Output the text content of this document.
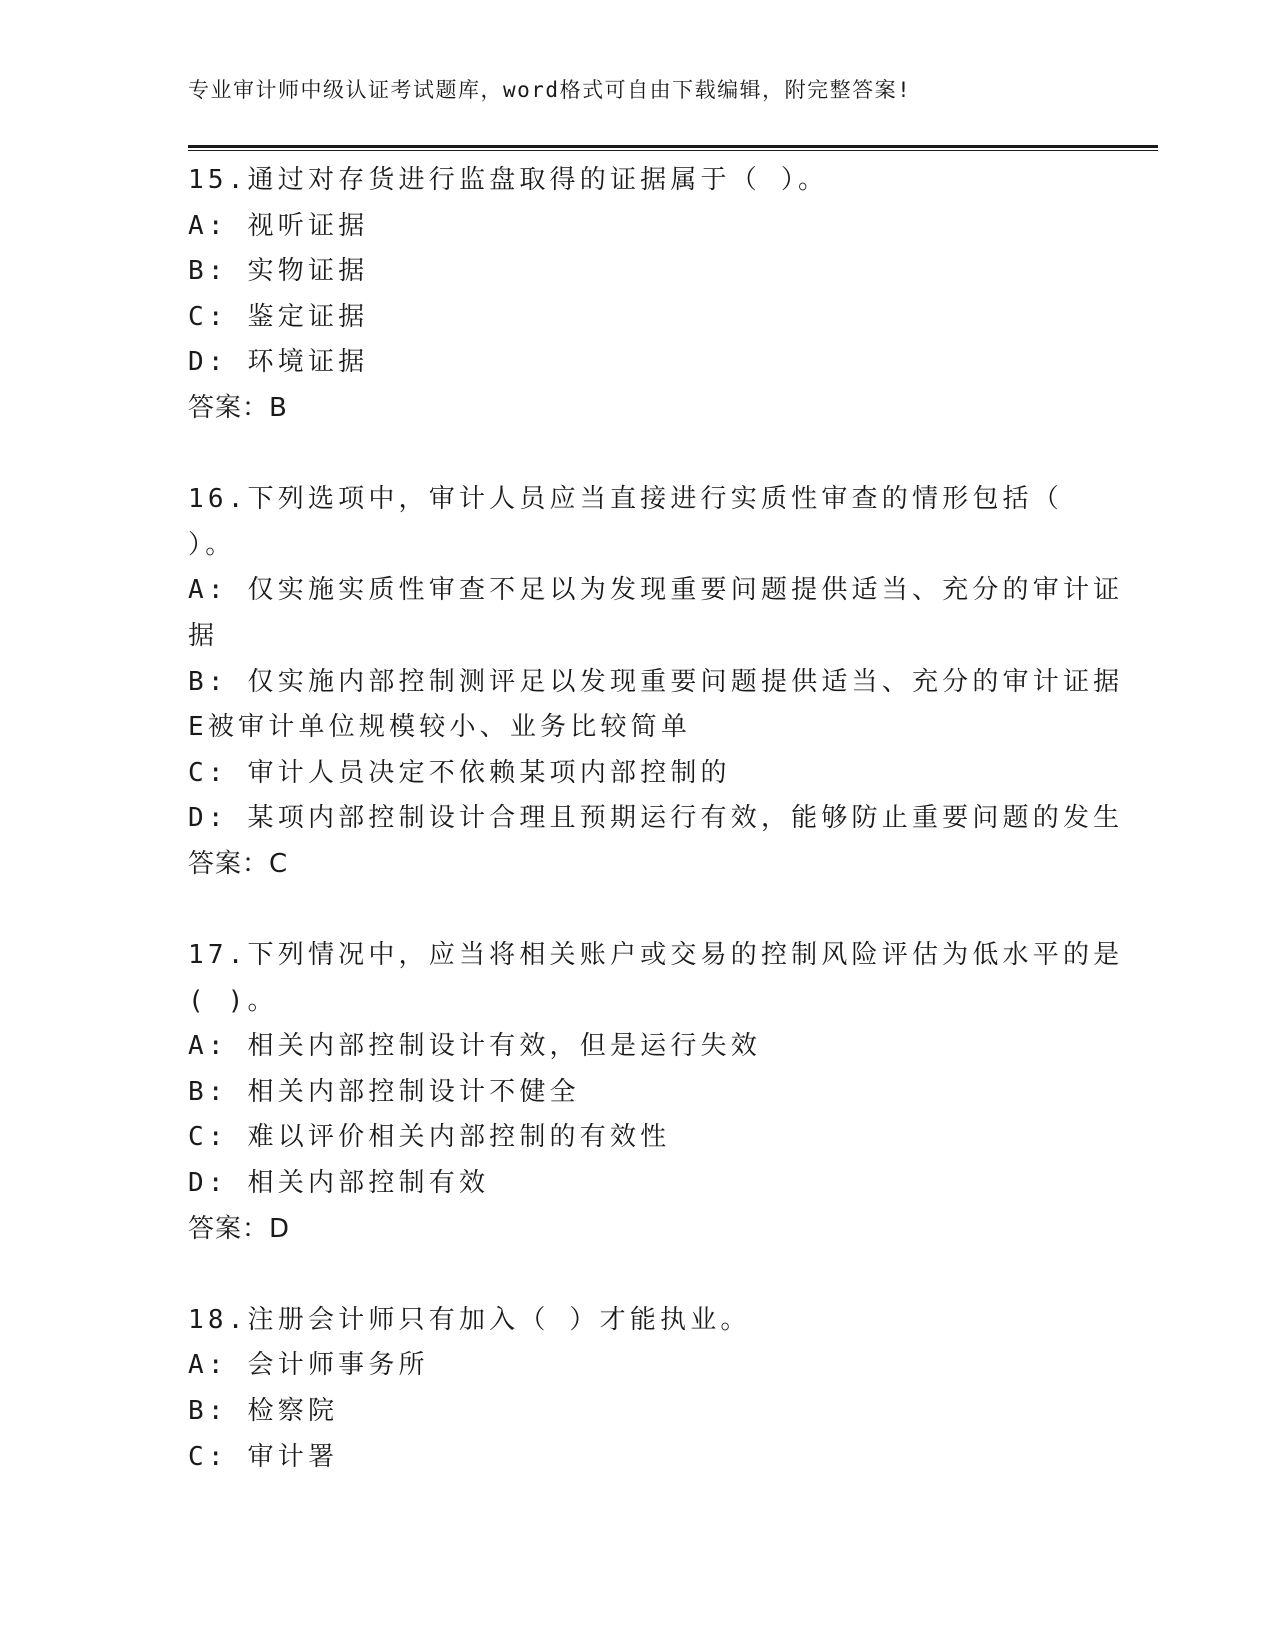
专业审计师中级认证考试题库，word格式可自由下载编辑，附完整答案!
15.通过对存货进行监盘取得的证据属于（ ）。
A: 视听证据
B: 实物证据
C: 鉴定证据
D: 环境证据
答案：B
16.下列选项中，审计人员应当直接进行实质性审查的情形包括（
）。
A: 仅实施实质性审查不足以为发现重要问题提供适当、充分的审计证
据
B: 仅实施内部控制测评足以发现重要问题提供适当、充分的审计证据
E被审计单位规模较小、业务比较简单
C: 审计人员决定不依赖某项内部控制的
D: 某项内部控制设计合理且预期运行有效，能够防止重要问题的发生
答案：C
17.下列情况中，应当将相关账户或交易的控制风险评估为低水平的是
( )。
A: 相关内部控制设计有效，但是运行失效
B: 相关内部控制设计不健全
C: 难以评价相关内部控制的有效性
D: 相关内部控制有效
答案：D
18.注册会计师只有加入（ ）才能执业。
A: 会计师事务所
B: 检察院
C: 审计署
